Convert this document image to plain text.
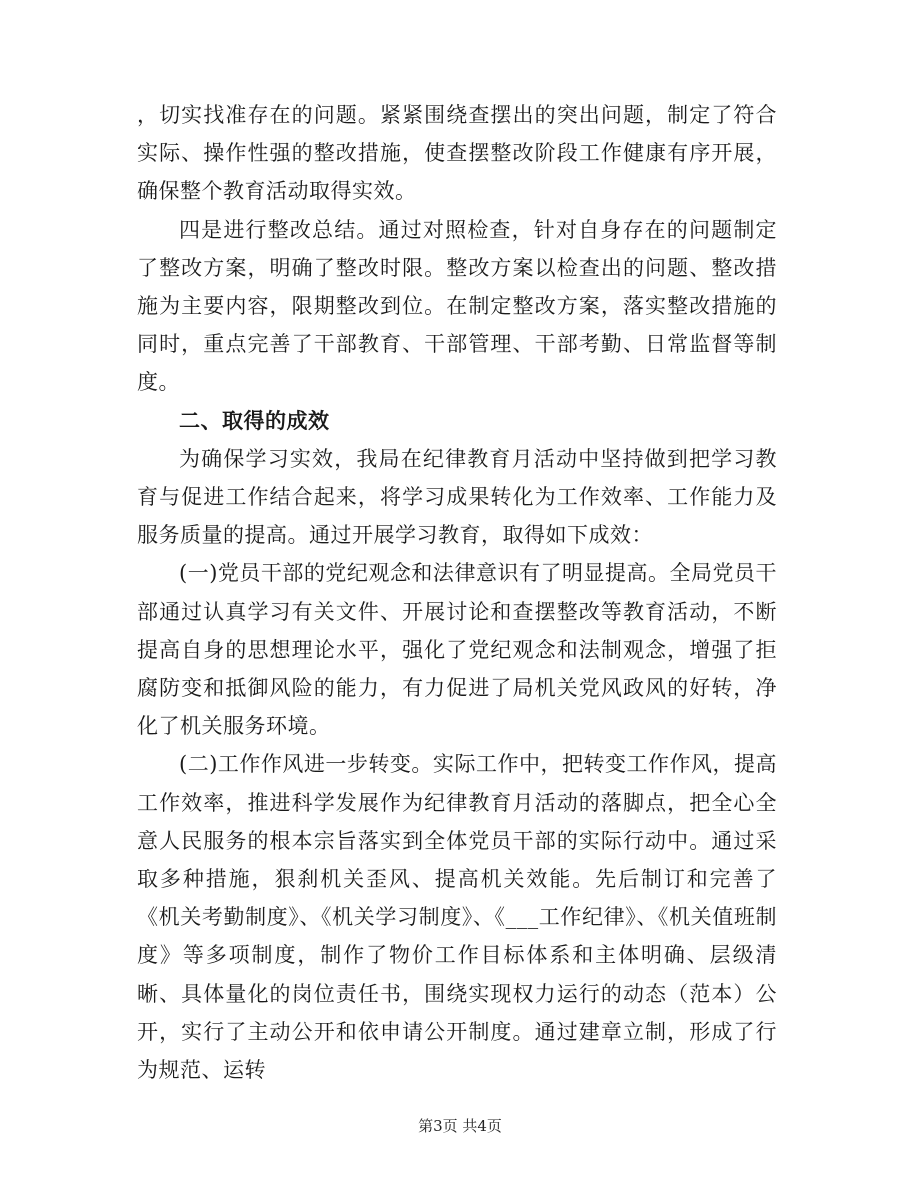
，切实找准存在的问题。紧紧围绕查摆出的突出问题，制定了符合实际、操作性强的整改措施，使查摆整改阶段工作健康有序开展，确保整个教育活动取得实效。

四是进行整改总结。通过对照检查，针对自身存在的问题制定了整改方案，明确了整改时限。整改方案以检查出的问题、整改措施为主要内容，限期整改到位。在制定整改方案，落实整改措施的同时，重点完善了干部教育、干部管理、干部考勤、日常监督等制度。

二、取得的成效

为确保学习实效，我局在纪律教育月活动中坚持做到把学习教育与促进工作结合起来，将学习成果转化为工作效率、工作能力及服务质量的提高。通过开展学习教育，取得如下成效：

(一)党员干部的党纪观念和法律意识有了明显提高。全局党员干部通过认真学习有关文件、开展讨论和查摆整改等教育活动，不断提高自身的思想理论水平，强化了党纪观念和法制观念，增强了拒腐防变和抵御风险的能力，有力促进了局机关党风政风的好转，净化了机关服务环境。

(二)工作作风进一步转变。实际工作中，把转变工作作风，提高工作效率，推进科学发展作为纪律教育月活动的落脚点，把全心全意人民服务的根本宗旨落实到全体党员干部的实际行动中。通过采取多种措施，狠刹机关歪风、提高机关效能。先后制订和完善了《机关考勤制度》、《机关学习制度》、《___工作纪律》、《机关值班制度》等多项制度，制作了物价工作目标体系和主体明确、层级清晰、具体量化的岗位责任书，围绕实现权力运行的动态（范本）公开，实行了主动公开和依申请公开制度。通过建章立制，形成了行为规范、运转

第3页 共4页
